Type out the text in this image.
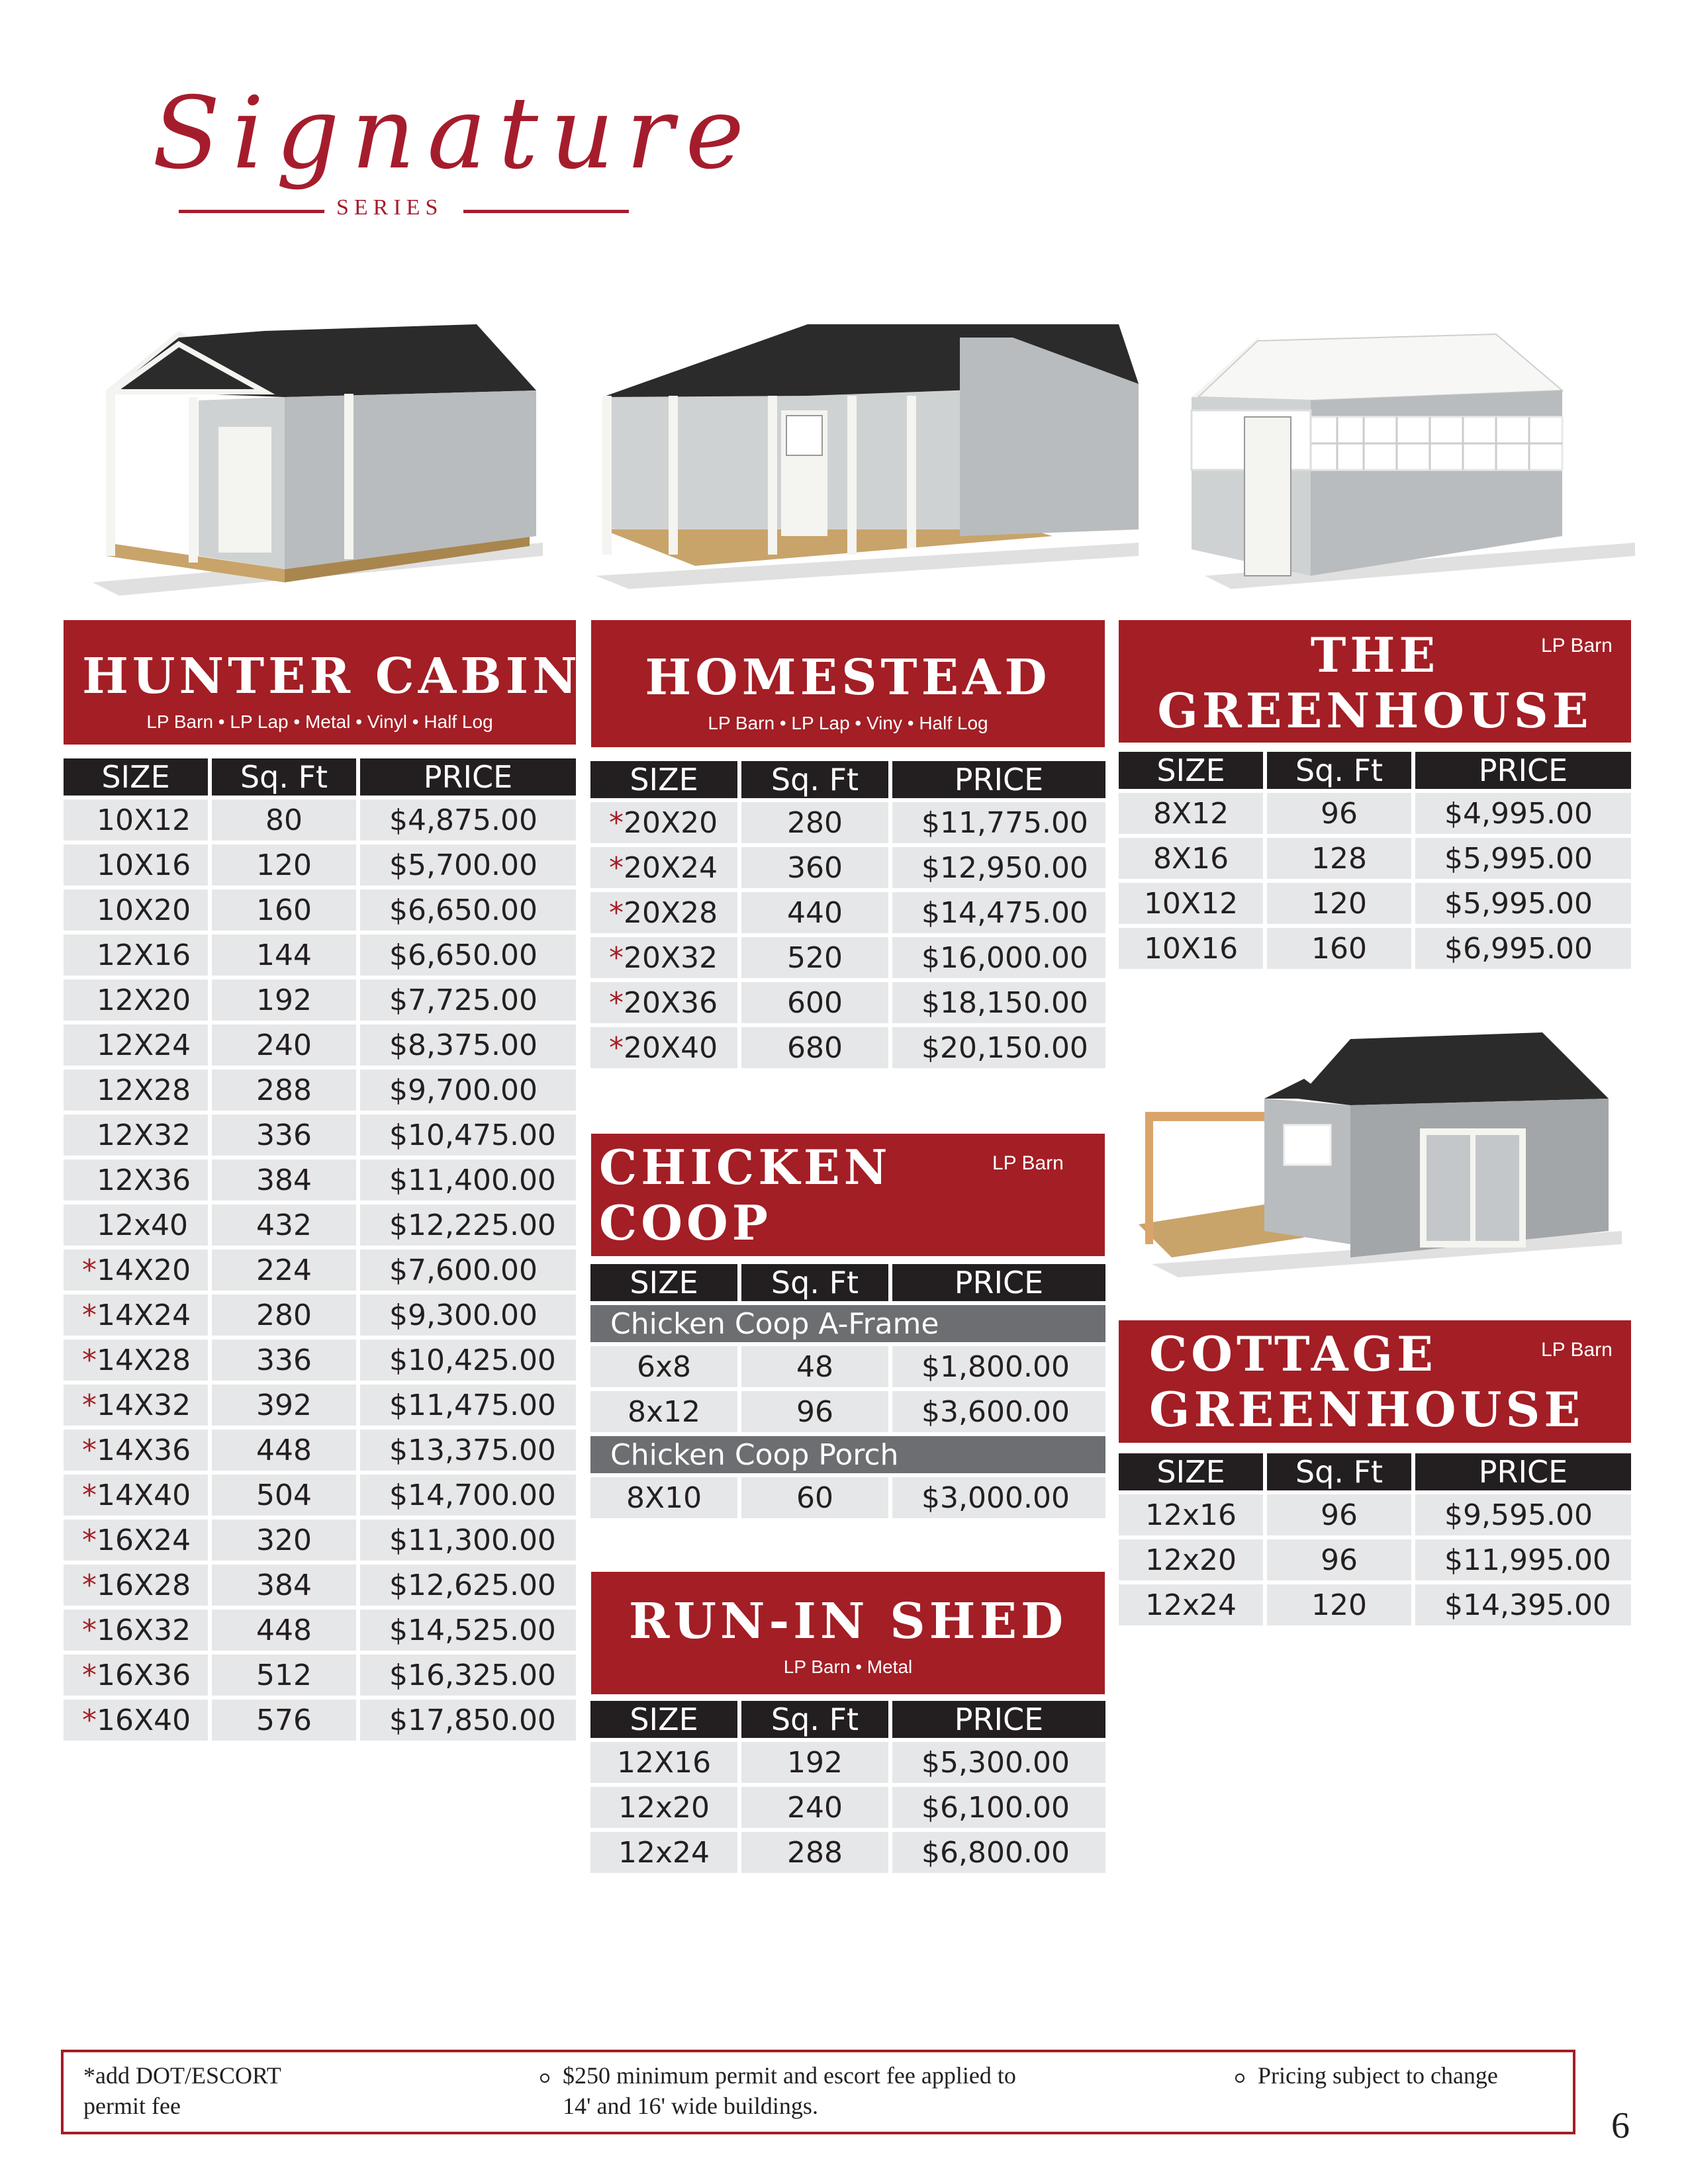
Signature
SERIES
HUNTER CABIN
LP Barn • LP Lap • Metal • Vinyl • Half Log
SIZE	Sq. Ft	PRICE
10X12	80	$4,875.00
10X16	120	$5,700.00
10X20	160	$6,650.00
12X16	144	$6,650.00
12X20	192	$7,725.00
12X24	240	$8,375.00
12X28	288	$9,700.00
12X32	336	$10,475.00
12X36	384	$11,400.00
12x40	432	$12,225.00
*14X20	224	$7,600.00
*14X24	280	$9,300.00
*14X28	336	$10,425.00
*14X32	392	$11,475.00
*14X36	448	$13,375.00
*14X40	504	$14,700.00
*16X24	320	$11,300.00
*16X28	384	$12,625.00
*16X32	448	$14,525.00
*16X36	512	$16,325.00
*16X40	576	$17,850.00
HOMESTEAD
LP Barn • LP Lap • Viny • Half Log
SIZE	Sq. Ft	PRICE
*20X20	280	$11,775.00
*20X24	360	$12,950.00
*20X28	440	$14,475.00
*20X32	520	$16,000.00
*20X36	600	$18,150.00
*20X40	680	$20,150.00
CHICKEN
COOP
LP Barn
SIZE	Sq. Ft	PRICE
Chicken Coop A-Frame		
6x8	48	$1,800.00
8x12	96	$3,600.00
Chicken Coop Porch		
8X10	60	$3,000.00
RUN-IN SHED
LP Barn • Metal
SIZE	Sq. Ft	PRICE
12X16	192	$5,300.00
12x20	240	$6,100.00
12x24	288	$6,800.00
THE
GREENHOUSE
LP Barn
SIZE	Sq. Ft	PRICE
8X12	96	$4,995.00
8X16	128	$5,995.00
10X12	120	$5,995.00
10X16	160	$6,995.00
COTTAGE
GREENHOUSE
LP Barn
SIZE	Sq. Ft	PRICE
12x16	96	$9,595.00
12x20	96	$11,995.00
12x24	120	$14,395.00
*add DOT/ESCORT
permit fee
$250 minimum permit and escort fee applied to
14' and 16' wide buildings.
Pricing subject to change
6
